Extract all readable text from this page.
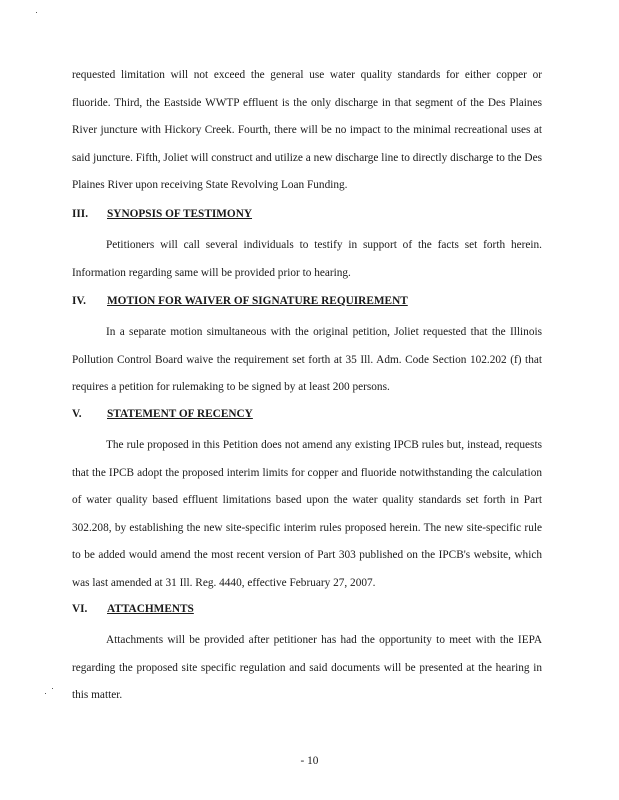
requested limitation will not exceed the general use water quality standards for either copper or fluoride. Third, the Eastside WWTP effluent is the only discharge in that segment of the Des Plaines River juncture with Hickory Creek. Fourth, there will be no impact to the minimal recreational uses at said juncture. Fifth, Joliet will construct and utilize a new discharge line to directly discharge to the Des Plaines River upon receiving State Revolving Loan Funding.

III. SYNOPSIS OF TESTIMONY

Petitioners will call several individuals to testify in support of the facts set forth herein. Information regarding same will be provided prior to hearing.

IV. MOTION FOR WAIVER OF SIGNATURE REQUIREMENT

In a separate motion simultaneous with the original petition, Joliet requested that the Illinois Pollution Control Board waive the requirement set forth at 35 Ill. Adm. Code Section 102.202 (f) that requires a petition for rulemaking to be signed by at least 200 persons.

V. STATEMENT OF RECENCY

The rule proposed in this Petition does not amend any existing IPCB rules but, instead, requests that the IPCB adopt the proposed interim limits for copper and fluoride notwithstanding the calculation of water quality based effluent limitations based upon the water quality standards set forth in Part 302.208, by establishing the new site-specific interim rules proposed herein. The new site-specific rule to be added would amend the most recent version of Part 303 published on the IPCB's website, which was last amended at 31 Ill. Reg. 4440, effective February 27, 2007.

VI. ATTACHMENTS

Attachments will be provided after petitioner has had the opportunity to meet with the IEPA regarding the proposed site specific regulation and said documents will be presented at the hearing in this matter.

- 10
